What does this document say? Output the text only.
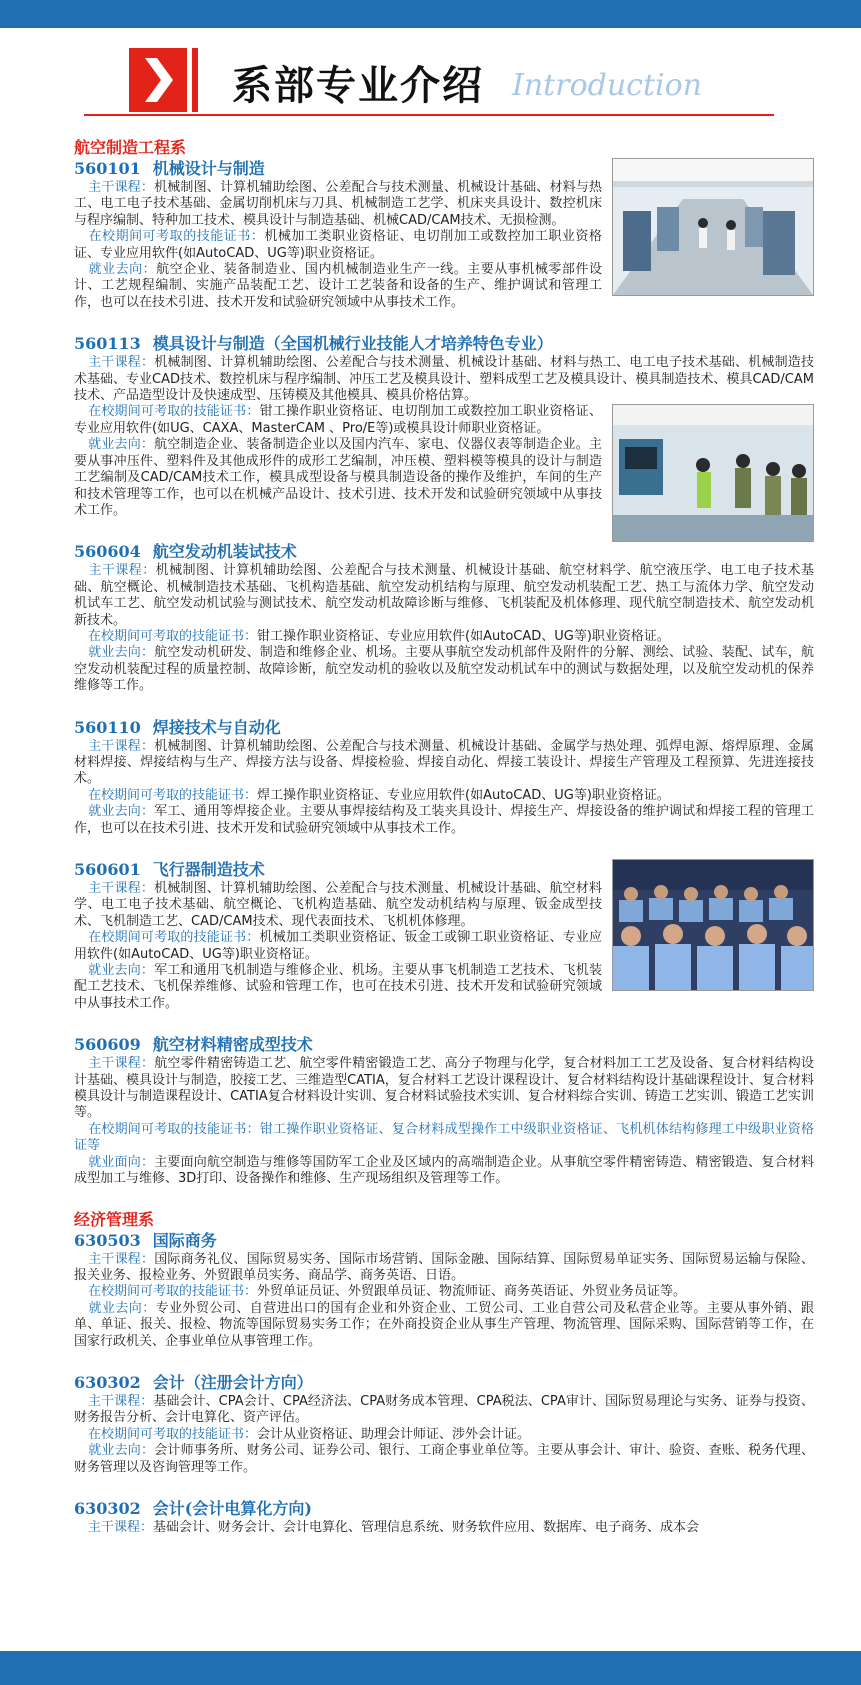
系部专业介绍 Introduction
航空制造工程系
560101 机械设计与制造
主干课程：机械制图、计算机辅助绘图、公差配合与技术测量、机械设计基础、材料与热工、电工电子技术基础、金属切削机床与刀具、机械制造工艺学、机床夹具设计、数控机床与程序编制、特种加工技术、模具设计与制造基础、机械CAD/CAM技术、无损检测。
在校期间可考取的技能证书：机械加工类职业资格证、电切削加工或数控加工职业资格证、专业应用软件(如AutoCAD、UG等)职业资格证。
就业去向：航空企业、装备制造业、国内机械制造业生产一线。主要从事机械零部件设计、工艺规程编制、实施产品装配工艺、设计工艺装备和设备的生产、维护调试和管理工作，也可以在技术引进、技术开发和试验研究领域中从事技术工作。
560113 模具设计与制造（全国机械行业技能人才培养特色专业）
主干课程：机械制图、计算机辅助绘图、公差配合与技术测量、机械设计基础、材料与热工、电工电子技术基础、机械制造技术基础、专业CAD技术、数控机床与程序编制、冲压工艺及模具设计、塑料成型工艺及模具设计、模具制造技术、模具CAD/CAM技术、产品造型设计及快速成型、压铸模及其他模具、模具价格估算。
在校期间可考取的技能证书：钳工操作职业资格证、电切削加工或数控加工职业资格证、专业应用软件(如UG、CAXA、MasterCAM 、Pro/E等)或模具设计师职业资格证。
就业去向：航空制造企业、装备制造企业以及国内汽车、家电、仪器仪表等制造企业。主要从事冲压件、塑料件及其他成形件的成形工艺编制，冲压模、塑料模等模具的设计与制造工艺编制及CAD/CAM技术工作，模具成型设备与模具制造设备的操作及维护，车间的生产和技术管理等工作，也可以在机械产品设计、技术引进、技术开发和试验研究领域中从事技术工作。
560604 航空发动机装试技术
主干课程：机械制图、计算机辅助绘图、公差配合与技术测量、机械设计基础、航空材料学、航空液压学、电工电子技术基础、航空概论、机械制造技术基础、飞机构造基础、航空发动机结构与原理、航空发动机装配工艺、热工与流体力学、航空发动机试车工艺、航空发动机试验与测试技术、航空发动机故障诊断与维修、飞机装配及机体修理、现代航空制造技术、航空发动机新技术。
在校期间可考取的技能证书：钳工操作职业资格证、专业应用软件(如AutoCAD、UG等)职业资格证。
就业去向：航空发动机研发、制造和维修企业、机场。主要从事航空发动机部件及附件的分解、测绘、试验、装配、试车，航空发动机装配过程的质量控制、故障诊断，航空发动机的验收以及航空发动机试车中的测试与数据处理，以及航空发动机的保养维修等工作。
560110 焊接技术与自动化
主干课程：机械制图、计算机辅助绘图、公差配合与技术测量、机械设计基础、金属学与热处理、弧焊电源、熔焊原理、金属材料焊接、焊接结构与生产、焊接方法与设备、焊接检验、焊接自动化、焊接工装设计、焊接生产管理及工程预算、先进连接技术。
在校期间可考取的技能证书：焊工操作职业资格证、专业应用软件(如AutoCAD、UG等)职业资格证。
就业去向：军工、通用等焊接企业。主要从事焊接结构及工装夹具设计、焊接生产、焊接设备的维护调试和焊接工程的管理工作，也可以在技术引进、技术开发和试验研究领域中从事技术工作。
560601 飞行器制造技术
主干课程：机械制图、计算机辅助绘图、公差配合与技术测量、机械设计基础、航空材料学、电工电子技术基础、航空概论、飞机构造基础、航空发动机结构与原理、钣金成型技术、飞机制造工艺、CAD/CAM技术、现代表面技术、飞机机体修理。
在校期间可考取的技能证书：机械加工类职业资格证、钣金工或铆工职业资格证、专业应用软件(如AutoCAD、UG等)职业资格证。
就业去向：军工和通用飞机制造与维修企业、机场。主要从事飞机制造工艺技术、飞机装配工艺技术、飞机保养维修、试验和管理工作，也可在技术引进、技术开发和试验研究领域中从事技术工作。
560609 航空材料精密成型技术
主干课程：航空零件精密铸造工艺、航空零件精密锻造工艺、高分子物理与化学，复合材料加工工艺及设备、复合材料结构设计基础、模具设计与制造，胶接工艺、三维造型CATIA，复合材料工艺设计课程设计、复合材料结构设计基础课程设计、复合材料模具设计与制造课程设计、CATIA复合材料设计实训、复合材料试验技术实训、复合材料综合实训、铸造工艺实训、锻造工艺实训等。
在校期间可考取的技能证书：钳工操作职业资格证、复合材料成型操作工中级职业资格证、飞机机体结构修理工中级职业资格证等
就业面向：主要面向航空制造与维修等国防军工企业及区域内的高端制造企业。从事航空零件精密铸造、精密锻造、复合材料成型加工与维修、3D打印、设备操作和维修、生产现场组织及管理等工作。
经济管理系
630503 国际商务
主干课程：国际商务礼仪、国际贸易实务、国际市场营销、国际金融、国际结算、国际贸易单证实务、国际贸易运输与保险、报关业务、报检业务、外贸跟单员实务、商品学、商务英语、日语。
在校期间可考取的技能证书：外贸单证员证、外贸跟单员证、物流师证、商务英语证、外贸业务员证等。
就业去向：专业外贸公司、自营进出口的国有企业和外资企业、工贸公司、工业自营公司及私营企业等。主要从事外销、跟单、单证、报关、报检、物流等国际贸易实务工作；在外商投资企业从事生产管理、物流管理、国际采购、国际营销等工作，在国家行政机关、企事业单位从事管理工作。
630302 会计（注册会计方向）
主干课程：基础会计、CPA会计、CPA经济法、CPA财务成本管理、CPA税法、CPA审计、国际贸易理论与实务、证券与投资、财务报告分析、会计电算化、资产评估。
在校期间可考取的技能证书：会计从业资格证、助理会计师证、涉外会计证。
就业去向：会计师事务所、财务公司、证券公司、银行、工商企事业单位等。主要从事会计、审计、验资、查账、税务代理、财务管理以及咨询管理等工作。
630302 会计(会计电算化方向)
主干课程：基础会计、财务会计、会计电算化、管理信息系统、财务软件应用、数据库、电子商务、成本会
